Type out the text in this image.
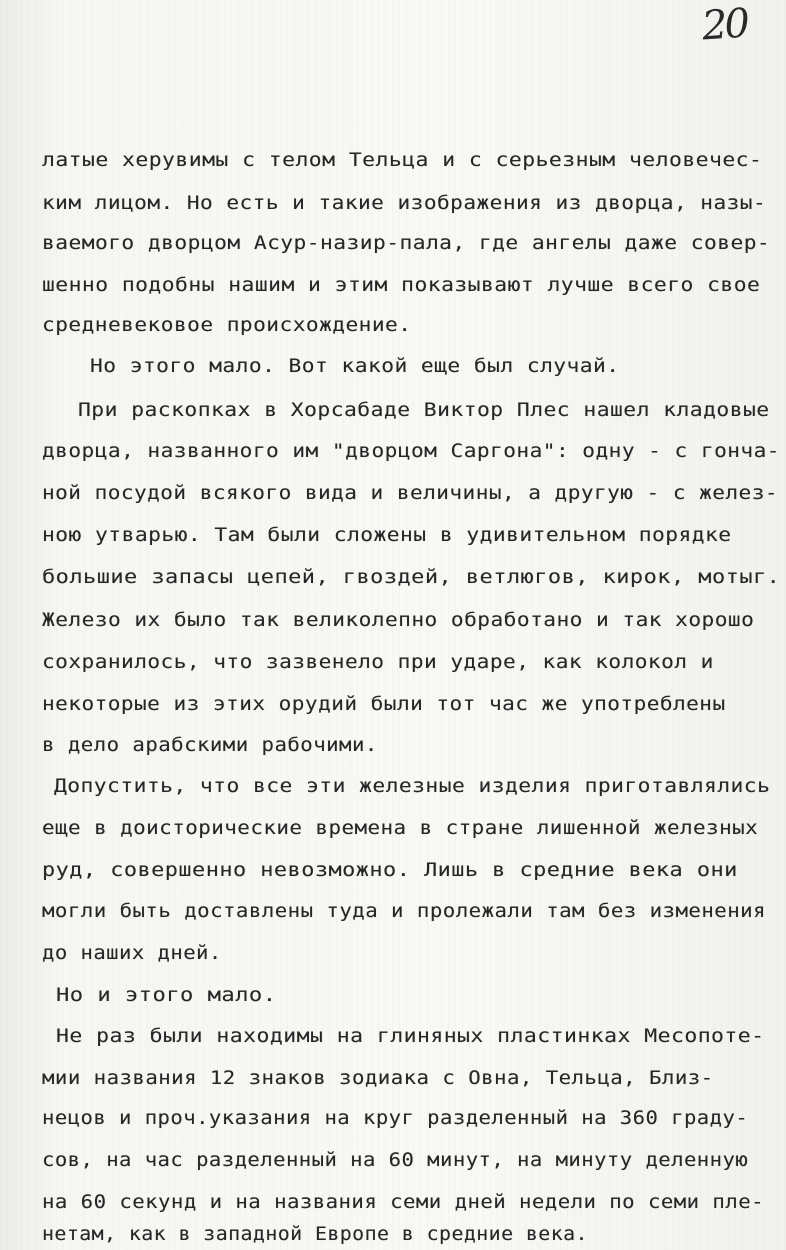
20
латые херувимы с телом Тельца и с серьезным человечес-
ким лицом. Но есть и такие изображения из дворца, назы-
ваемого дворцом Асур-назир-пала, где ангелы даже совер-
шенно подобны нашим и этим показывают лучше всего свое
средневековое происхождение.
Но этого мало. Вот какой еще был случай.
При раскопках в Хорсабаде Виктор Плес нашел кладовые
дворца, названного им "дворцом Саргона": одну - с гонча-
ной посудой всякого вида и величины, а другую - с желез-
ною утварью. Там были сложены в удивительном порядке
большие запасы цепей, гвоздей, ветлюгов, кирок, мотыг.
Железо их было так великолепно обработано и так хорошо
сохранилось, что зазвенело при ударе, как колокол и
некоторые из этих орудий были тот час же употреблены
в дело арабскими рабочими.
Допустить, что все эти железные изделия приготавлялись
еще в доисторические времена в стране лишенной железных
руд, совершенно невозможно. Лишь в средние века они
могли быть доставлены туда и пролежали там без изменения
до наших дней.
Но и этого мало.
Не раз были находимы на глиняных пластинках Месопоте-
мии названия 12 знаков зодиака с Овна, Тельца, Близ-
нецов и проч.указания на круг разделенный на 360 граду-
сов, на час разделенный на 60 минут, на минуту деленную
на 60 секунд и на названия семи дней недели по семи пле-
нетам, как в западной Европе в средние века.
